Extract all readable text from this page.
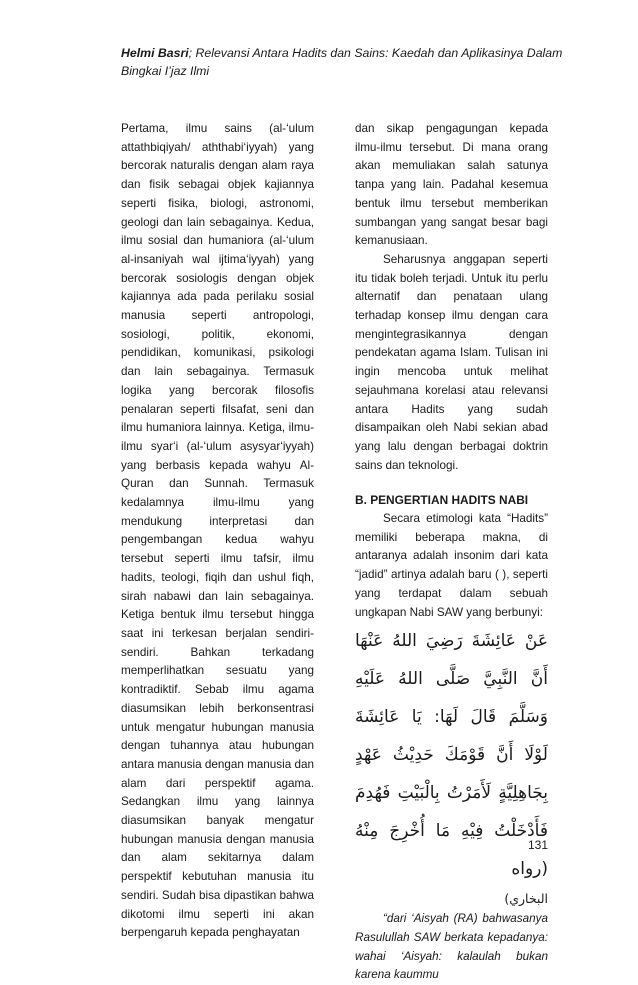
Helmi Basri; Relevansi Antara Hadits dan Sains: Kaedah dan Aplikasinya Dalam Bingkai I’jaz Ilmi

Pertama, ilmu sains (al-‘ulum attathbiqiyah/ aththabi‘iyyah) yang bercorak naturalis dengan alam raya dan fisik sebagai objek kajiannya seperti fisika, biologi, astronomi, geologi dan lain sebagainya. Kedua, ilmu sosial dan humaniora (al-‘ulum al-insaniyah wal ijtima‘iyyah) yang bercorak sosiologis dengan objek kajiannya ada pada perilaku sosial manusia seperti antropologi, sosiologi, politik, ekonomi, pendidikan, komunikasi, psikologi dan lain sebagainya. Termasuk logika yang bercorak filosofis penalaran seperti filsafat, seni dan ilmu humaniora lainnya. Ketiga, ilmu-ilmu syar‘i (al-‘ulum asysyar‘iyyah) yang berbasis kepada wahyu Al-Quran dan Sunnah. Termasuk kedalamnya ilmu-ilmu yang mendukung interpretasi dan pengembangan kedua wahyu tersebut seperti ilmu tafsir, ilmu hadits, teologi, fiqih dan ushul fiqh, sirah nabawi dan lain sebagainya. Ketiga bentuk ilmu tersebut hingga saat ini terkesan berjalan sendiri-sendiri. Bahkan terkadang memperlihatkan sesuatu yang kontradiktif. Sebab ilmu agama diasumsikan lebih berkonsentrasi untuk mengatur hubungan manusia dengan tuhannya atau hubungan antara manusia dengan manusia dan alam dari perspektif agama. Sedangkan ilmu yang lainnya diasumsikan banyak mengatur hubungan manusia dengan manusia dan alam sekitarnya dalam perspektif kebutuhan manusia itu sendiri. Sudah bisa dipastikan bahwa dikotomi ilmu seperti ini akan berpengaruh kepada penghayatan

dan sikap pengagungan kepada ilmu-ilmu tersebut. Di mana orang akan memuliakan salah satunya tanpa yang lain. Padahal kesemua bentuk ilmu tersebut memberikan sumbangan yang sangat besar bagi kemanusiaan.

Seharusnya anggapan seperti itu tidak boleh terjadi. Untuk itu perlu alternatif dan penataan ulang terhadap konsep ilmu dengan cara mengintegrasikannya dengan pendekatan agama Islam. Tulisan ini ingin mencoba untuk melihat sejauhmana korelasi atau relevansi antara Hadits yang sudah disampaikan oleh Nabi sekian abad yang lalu dengan berbagai doktrin sains dan teknologi.

B. PENGERTIAN HADITS NABI

Secara etimologi kata “Hadits” memiliki beberapa makna, di antaranya adalah insonim dari kata “jadid” artinya adalah baru ( ), seperti yang terdapat dalam sebuah ungkapan Nabi SAW yang berbunyi:

عَنْ عَائِشَةَ رَضِيَ اللهُ عَنْهَا أَنَّ النَّبِيَّ صَلَّى اللهُ عَلَيْهِ وَسَلَّمَ قَالَ لَهَا: يَا عَائِشَةَ لَوْلَا أَنَّ قَوْمَكَ حَدِيْثُ عَهْدٍ بِجَاهِلِيَّةٍ لَأَمَرْتُ بِالْبَيْتِ فَهُدِمَ فَأَدْخَلْتُ فِيْهِ مَا أُخْرِجَ مِنْهُ (رواه

البخاري)

“dari ‘Aisyah (RA) bahwasanya Rasulullah SAW berkata kepadanya: wahai ‘Aisyah: kalaulah bukan karena kaummu

131
